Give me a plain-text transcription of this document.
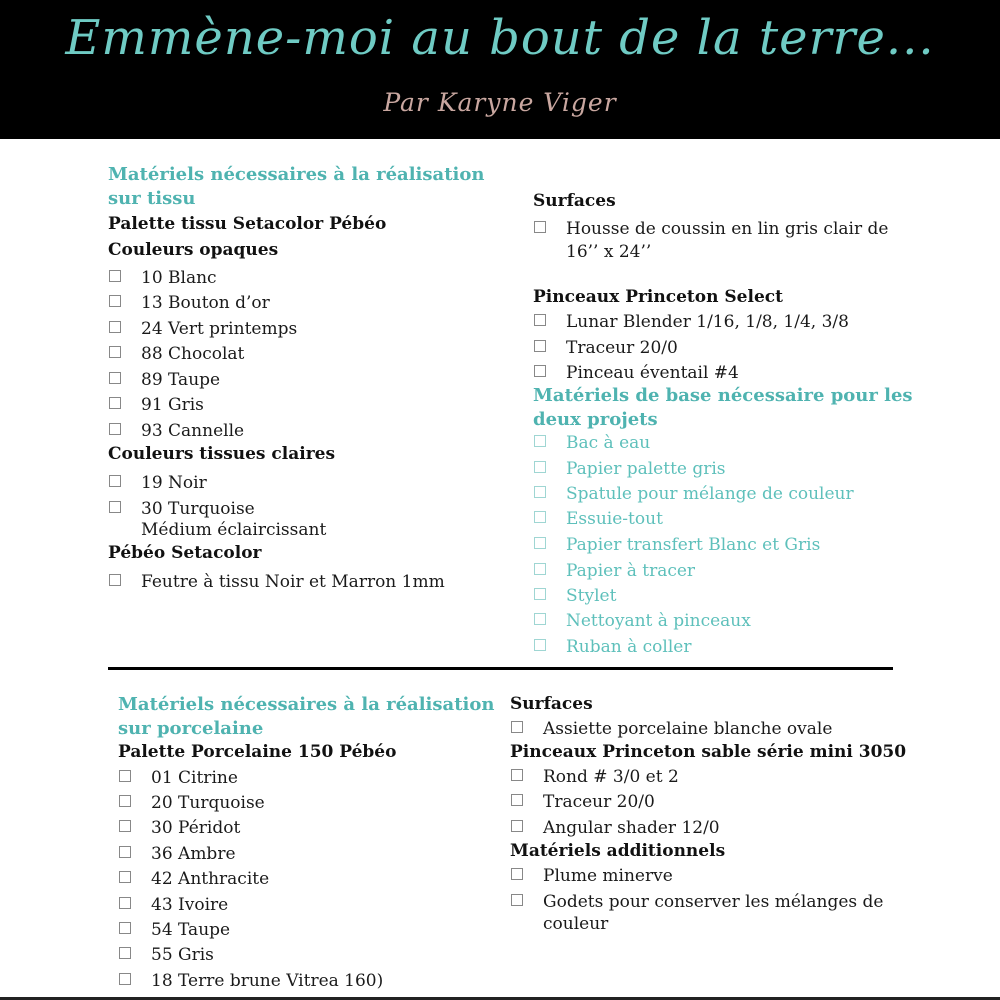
Emmène-moi au bout de la terre...
Par Karyne Viger
Matériels nécessaires à la réalisation
sur tissu
Palette tissu Setacolor Pébéo
Couleurs opaques
10 Blanc
13 Bouton d’or
24 Vert printemps
88 Chocolat
89 Taupe
91 Gris
93 Cannelle
Couleurs tissues claires
19 Noir
30 Turquoise
Médium éclaircissant
Pébéo Setacolor
Feutre à tissu Noir et Marron 1mm
Surfaces
Housse de coussin en lin gris clair de
16’’ x 24’’
Pinceaux Princeton Select
Lunar Blender 1/16, 1/8, 1/4, 3/8
Traceur 20/0
Pinceau éventail #4
Matériels de base nécessaire pour les
deux projets
Bac à eau
Papier palette gris
Spatule pour mélange de couleur
Essuie-tout
Papier transfert Blanc et Gris
Papier à tracer
Stylet
Nettoyant à pinceaux
Ruban à coller
Matériels nécessaires à la réalisation
sur porcelaine
Palette Porcelaine 150 Pébéo
01 Citrine
20 Turquoise
30 Péridot
36 Ambre
42 Anthracite
43 Ivoire
54 Taupe
55 Gris
18 Terre brune Vitrea 160)
Surfaces
Assiette porcelaine blanche ovale
Pinceaux Princeton sable série mini 3050
Rond # 3/0 et 2
Traceur 20/0
Angular shader 12/0
Matériels additionnels
Plume minerve
Godets pour conserver les mélanges de
couleur
